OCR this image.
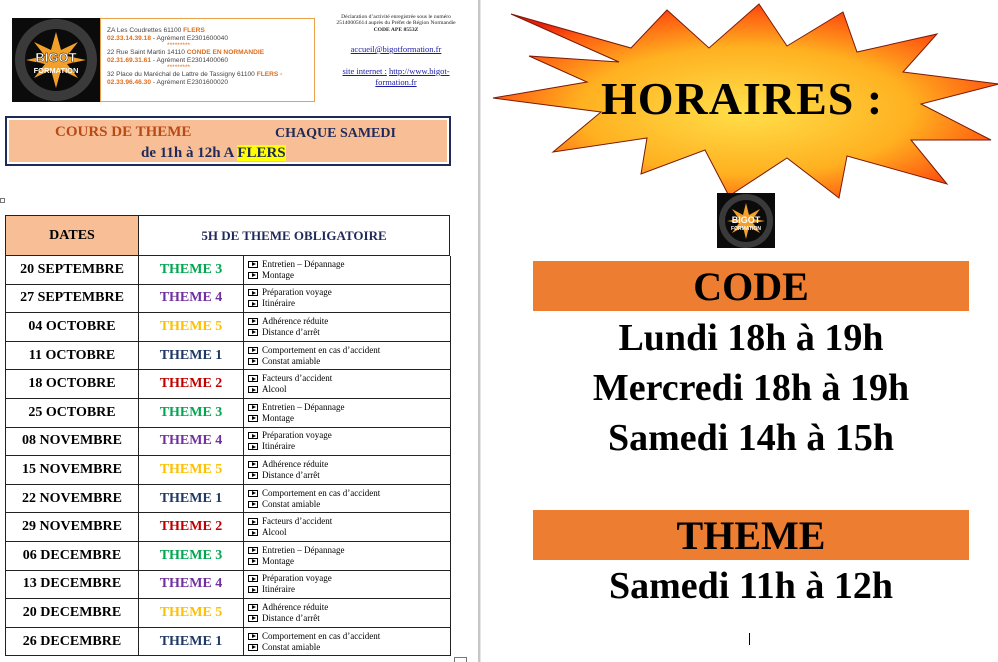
BIGOT
FORMATION
ZA Les Coudrettes 61100 FLERS
02.33.14.39.18 - Agrément E2301600040
*********
22 Rue Saint Martin 14110 CONDE EN NORMANDIE
02.31.69.31.61 - Agrément E2301400060
*********
32 Place du Maréchal de Lattre de Tassigny 61100 FLERS -
02.33.96.46.30 - Agrément E2301600020
Déclaration d’activité enregistrée sous le numéro 25140005614 auprès du Préfet de Région Normandie CODE APE 8553Z
accueil@bigotformation.fr
site internet : http://www.bigot-
formation.fr
COURS DE THEME	CHAQUE SAMEDI
de 11h à 12h A FLERS
DATES	5H DE THEME OBLIGATOIRE
20 SEPTEMBRE	THEME 3	Entretien – Dépannage
Montage
27 SEPTEMBRE	THEME 4	Préparation voyage
Itinéraire
04 OCTOBRE	THEME 5	Adhérence réduite
Distance d’arrêt
11 OCTOBRE	THEME 1	Comportement en cas d’accident
Constat amiable
18 OCTOBRE	THEME 2	Facteurs d’accident
Alcool
25 OCTOBRE	THEME 3	Entretien – Dépannage
Montage
08 NOVEMBRE	THEME 4	Préparation voyage
Itinéraire
15 NOVEMBRE	THEME 5	Adhérence réduite
Distance d’arrêt
22 NOVEMBRE	THEME 1	Comportement en cas d’accident
Constat amiable
29 NOVEMBRE	THEME 2	Facteurs d’accident
Alcool
06 DECEMBRE	THEME 3	Entretien – Dépannage
Montage
13 DECEMBRE	THEME 4	Préparation voyage
Itinéraire
20 DECEMBRE	THEME 5	Adhérence réduite
Distance d’arrêt
26 DECEMBRE	THEME 1	Comportement en cas d’accident
Constat amiable
HORAIRES :
BIGOT
FORMATION
CODE
Lundi 18h à 19h
Mercredi 18h à 19h
Samedi 14h à 15h
THEME
Samedi 11h à 12h
